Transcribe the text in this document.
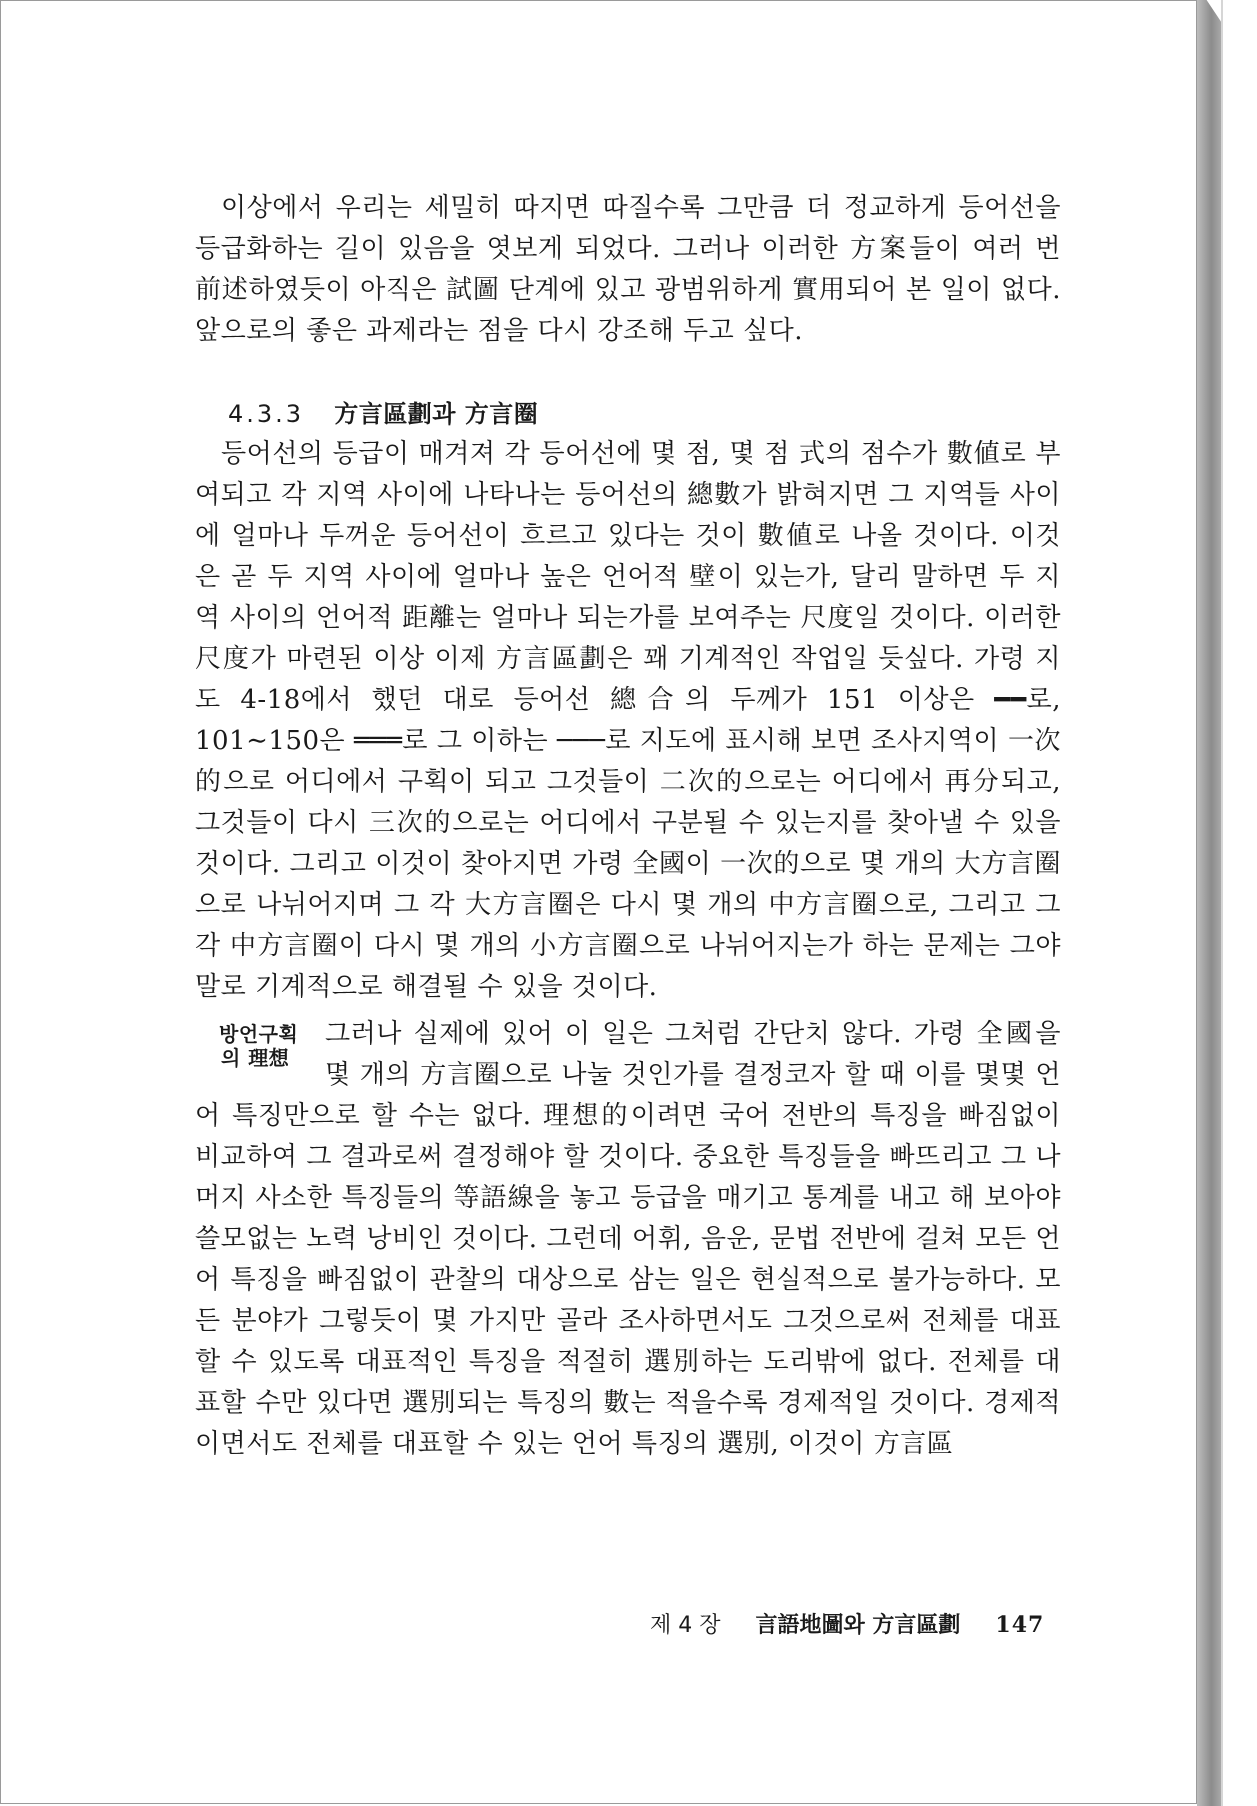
이상에서 우리는 세밀히 따지면 따질수록 그만큼 더 정교하게 등어선을 등급화하는 길이 있음을 엿보게 되었다. 그러나 이러한 方案들이 여러 번 前述하였듯이 아직은 試圖 단계에 있고 광범위하게 實用되어 본 일이 없다. 앞으로의 좋은 과제라는 점을 다시 강조해 두고 싶다.

4.3.3 方言區劃과 方言圈

등어선의 등급이 매겨져 각 등어선에 몇 점, 몇 점 式의 점수가 數値로 부여되고 각 지역 사이에 나타나는 등어선의 總數가 밝혀지면 그 지역들 사이에 얼마나 두꺼운 등어선이 흐르고 있다는 것이 數値로 나올 것이다. 이것은 곧 두 지역 사이에 얼마나 높은 언어적 壁이 있는가, 달리 말하면 두 지역 사이의 언어적 距離는 얼마나 되는가를 보여주는 尺度일 것이다. 이러한 尺度가 마련된 이상 이제 方言區劃은 꽤 기계적인 작업일 듯싶다. 가령 지도 4-18에서 했던 대로 등어선 總合의 두께가 151 이상은 ━━로, 101∼150은 ═══로 그 이하는 ───로 지도에 표시해 보면 조사지역이 一次的으로 어디에서 구획이 되고 그것들이 二次的으로는 어디에서 再分되고, 그것들이 다시 三次的으로는 어디에서 구분될 수 있는지를 찾아낼 수 있을 것이다. 그리고 이것이 찾아지면 가령 全國이 一次的으로 몇 개의 大方言圈으로 나뉘어지며 그 각 大方言圈은 다시 몇 개의 中方言圈으로, 그리고 그 각 中方言圈이 다시 몇 개의 小方言圈으로 나뉘어지는가 하는 문제는 그야말로 기계적으로 해결될 수 있을 것이다.

방언구획
의 理想

그러나 실제에 있어 이 일은 그처럼 간단치 않다. 가령 全國을 몇 개의 方言圈으로 나눌 것인가를 결정코자 할 때 이를 몇몇 언어 특징만으로 할 수는 없다. 理想的이려면 국어 전반의 특징을 빠짐없이 비교하여 그 결과로써 결정해야 할 것이다. 중요한 특징들을 빠뜨리고 그 나머지 사소한 특징들의 等語線을 놓고 등급을 매기고 통계를 내고 해 보아야 쓸모없는 노력 낭비인 것이다. 그런데 어휘, 음운, 문법 전반에 걸쳐 모든 언어 특징을 빠짐없이 관찰의 대상으로 삼는 일은 현실적으로 불가능하다. 모든 분야가 그렇듯이 몇 가지만 골라 조사하면서도 그것으로써 전체를 대표할 수 있도록 대표적인 특징을 적절히 選別하는 도리밖에 없다. 전체를 대표할 수만 있다면 選別되는 특징의 數는 적을수록 경제적일 것이다. 경제적이면서도 전체를 대표할 수 있는 언어 특징의 選別, 이것이 方言區

제 4 장 言語地圖와 方言區劃 147
